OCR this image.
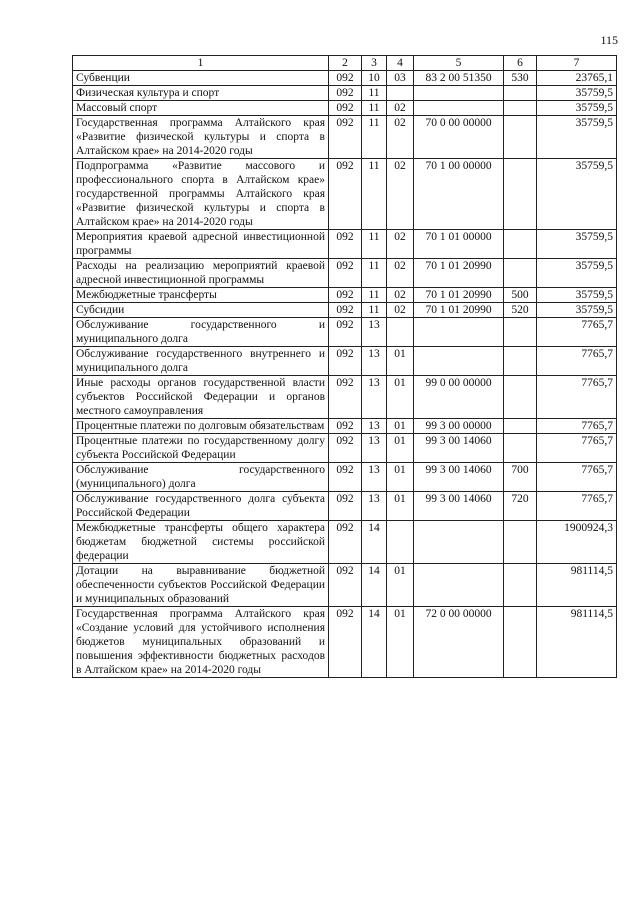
115
1	2	3	4	5	6	7
Субвенции	092	10	03	83 2 00 51350	530	23765,1
Физическая культура и спорт	092	11				35759,5
Массовый спорт	092	11	02			35759,5
Государственная программа Алтайского края «Развитие физической культуры и спорта в Алтайском крае» на 2014-2020 годы	092	11	02	70 0 00 00000		35759,5
Подпрограмма «Развитие массового и профессионального спорта в Алтайском крае» государственной программы Алтайского края «Развитие физической культуры и спорта в Алтайском крае» на 2014-2020 годы	092	11	02	70 1 00 00000		35759,5
Мероприятия краевой адресной инвестиционной программы	092	11	02	70 1 01 00000		35759,5
Расходы на реализацию мероприятий краевой адресной инвестиционной программы	092	11	02	70 1 01 20990		35759,5
Межбюджетные трансферты	092	11	02	70 1 01 20990	500	35759,5
Субсидии	092	11	02	70 1 01 20990	520	35759,5
Обслуживание государственного и муниципального долга	092	13				7765,7
Обслуживание государственного внутреннего и муниципального долга	092	13	01			7765,7
Иные расходы органов государственной власти субъектов Российской Федерации и органов местного самоуправления	092	13	01	99 0 00 00000		7765,7
Процентные платежи по долговым обязательствам	092	13	01	99 3 00 00000		7765,7
Процентные платежи по государственному долгу субъекта Российской Федерации	092	13	01	99 3 00 14060		7765,7
Обслуживание государственного (муниципального) долга	092	13	01	99 3 00 14060	700	7765,7
Обслуживание государственного долга субъекта Российской Федерации	092	13	01	99 3 00 14060	720	7765,7
Межбюджетные трансферты общего характера бюджетам бюджетной системы российской федерации	092	14				1900924,3
Дотации на выравнивание бюджетной обеспеченности субъектов Российской Федерации и муниципальных образований	092	14	01			981114,5
Государственная программа Алтайского края «Создание условий для устойчивого исполнения бюджетов муниципальных образований и повышения эффективности бюджетных расходов в Алтайском крае» на 2014-2020 годы	092	14	01	72 0 00 00000		981114,5
